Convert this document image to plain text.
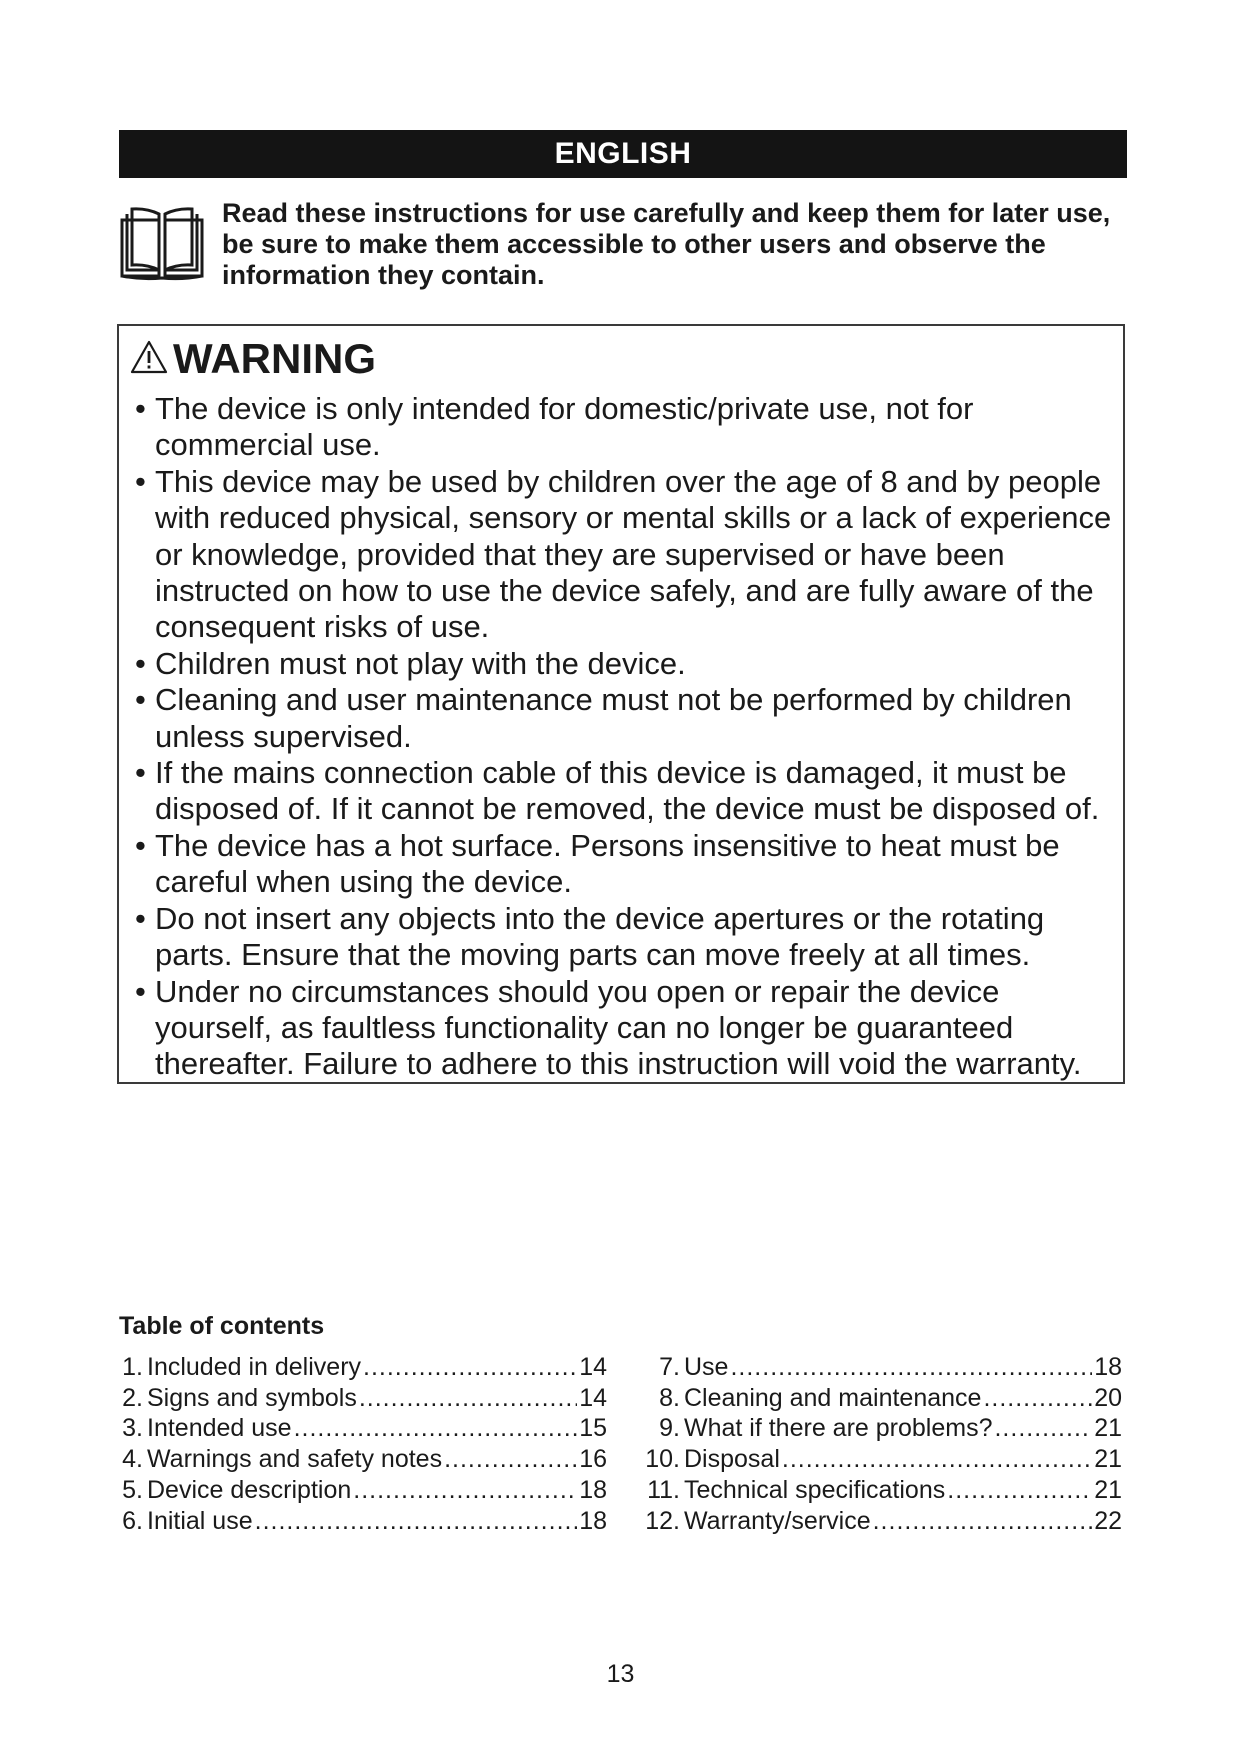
ENGLISH
Read these instructions for use carefully and keep them for later use, be sure to make them accessible to other users and observe the information they contain.
WARNING
• The device is only intended for domestic/private use, not for commercial use.
• This device may be used by children over the age of 8 and by people with reduced physical, sensory or mental skills or a lack of experience or knowledge, provided that they are supervised or have been instructed on how to use the device safely, and are fully aware of the consequent risks of use.
• Children must not play with the device.
• Cleaning and user maintenance must not be performed by children unless supervised.
• If the mains connection cable of this device is damaged, it must be disposed of. If it cannot be removed, the device must be disposed of.
• The device has a hot surface. Persons insensitive to heat must be careful when using the device.
• Do not insert any objects into the device apertures or the rotating parts. Ensure that the moving parts can move freely at all times.
• Under no circumstances should you open or repair the device yourself, as faultless functionality can no longer be guaranteed thereafter. Failure to adhere to this instruction will void the warranty.
Table of contents
1. Included in delivery .....	14
2. Signs and symbols .....	14
3. Intended use .....	15
4. Warnings and safety notes .....	16
5. Device description .....	18
6. Initial use .....	18
7. Use .....	18
8. Cleaning and maintenance .....	20
9. What if there are problems? .....	21
10. Disposal .....	21
11. Technical specifications .....	21
12. Warranty/service .....	22
13
